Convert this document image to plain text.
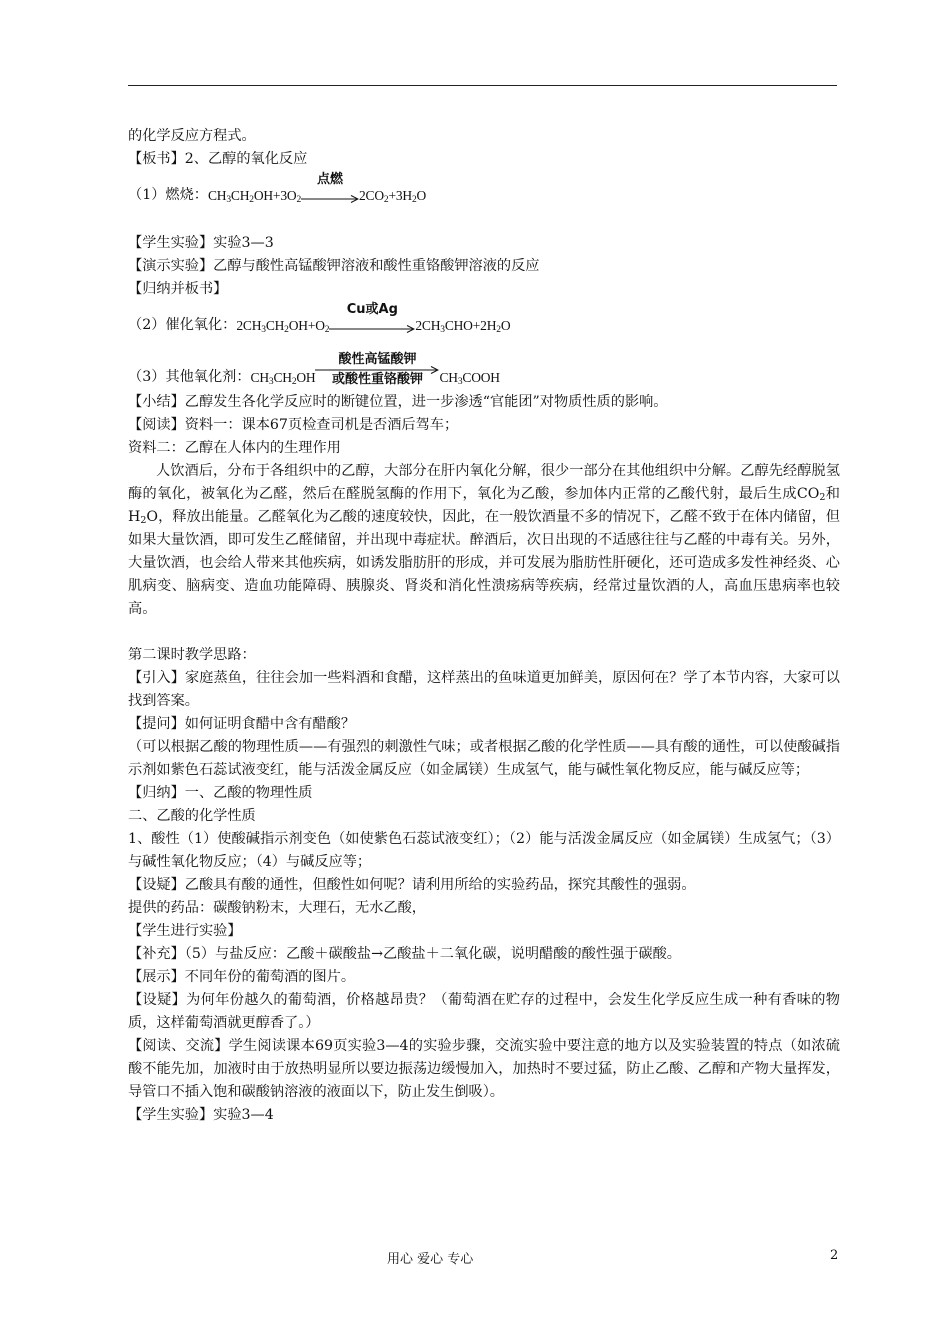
的化学反应方程式。
【板书】2、乙醇的氧化反应
（1）燃烧： $CH_3CH_2OH+3O_2$
点燃
$2CO_2+3H_2O$
【学生实验】实验3—3
【演示实验】乙醇与酸性高锰酸钾溶液和酸性重铬酸钾溶液的反应
【归纳并板书】
（2）催化氧化： $2CH_3CH_2OH+O_2$
Cu或Ag
$2CH_3CHO+2H_2O$
（3）其他氧化剂： $CH_3CH_2OH$
酸性高锰酸钾
或酸性重铬酸钾	$CH_3COOH$
【小结】乙醇发生各化学反应时的断键位置，进一步渗透“官能团”对物质性质的影响。
【阅读】资料一：课本67页检查司机是否酒后驾车；
资料二：乙醇在人体内的生理作用
人饮酒后，分布于各组织中的乙醇，大部分在肝内氧化分解，很少一部分在其他组织中分解。乙醇先经醇脱氢酶的氧化，被氧化为乙醛，然后在醛脱氢酶的作用下，氧化为乙酸，参加体内正常的乙酸代射，最后生成$CO_2$和$H_2O$，释放出能量。乙醛氧化为乙酸的速度较快，因此，在一般饮酒量不多的情况下，乙醛不致于在体内储留，但如果大量饮酒，即可发生乙醛储留，并出现中毒症状。醉酒后，次日出现的不适感往往与乙醛的中毒有关。另外，大量饮酒，也会给人带来其他疾病，如诱发脂肪肝的形成，并可发展为脂肪性肝硬化，还可造成多发性神经炎、心肌病变、脑病变、造血功能障碍、胰腺炎、肾炎和消化性溃疡病等疾病，经常过量饮酒的人，高血压患病率也较高。
第二课时教学思路：
【引入】家庭蒸鱼，往往会加一些料酒和食醋，这样蒸出的鱼味道更加鲜美，原因何在？学了本节内容，大家可以找到答案。
【提问】如何证明食醋中含有醋酸？
（可以根据乙酸的物理性质——有强烈的刺激性气味；或者根据乙酸的化学性质——具有酸的通性，可以使酸碱指示剂如紫色石蕊试液变红，能与活泼金属反应（如金属镁）生成氢气，能与碱性氧化物反应，能与碱反应等；
【归纳】一、乙酸的物理性质
二、乙酸的化学性质
1、酸性（1）使酸碱指示剂变色（如使紫色石蕊试液变红）；（2）能与活泼金属反应（如金属镁）生成氢气；（3）与碱性氧化物反应；（4）与碱反应等；
【设疑】乙酸具有酸的通性，但酸性如何呢？请利用所给的实验药品，探究其酸性的强弱。
提供的药品：碳酸钠粉末，大理石，无水乙酸，
【学生进行实验】
【补充】（5）与盐反应：乙酸＋碳酸盐→乙酸盐＋二氧化碳，说明醋酸的酸性强于碳酸。
【展示】不同年份的葡萄酒的图片。
【设疑】为何年份越久的葡萄酒，价格越昂贵？（葡萄酒在贮存的过程中，会发生化学反应生成一种有香味的物质，这样葡萄酒就更醇香了。）
【阅读、交流】学生阅读课本69页实验3—4的实验步骤，交流实验中要注意的地方以及实验装置的特点（如浓硫酸不能先加，加液时由于放热明显所以要边振荡边缓慢加入，加热时不要过猛，防止乙酸、乙醇和产物大量挥发，导管口不插入饱和碳酸钠溶液的液面以下，防止发生倒吸）。
【学生实验】实验3—4
用心 爱心 专心	2
